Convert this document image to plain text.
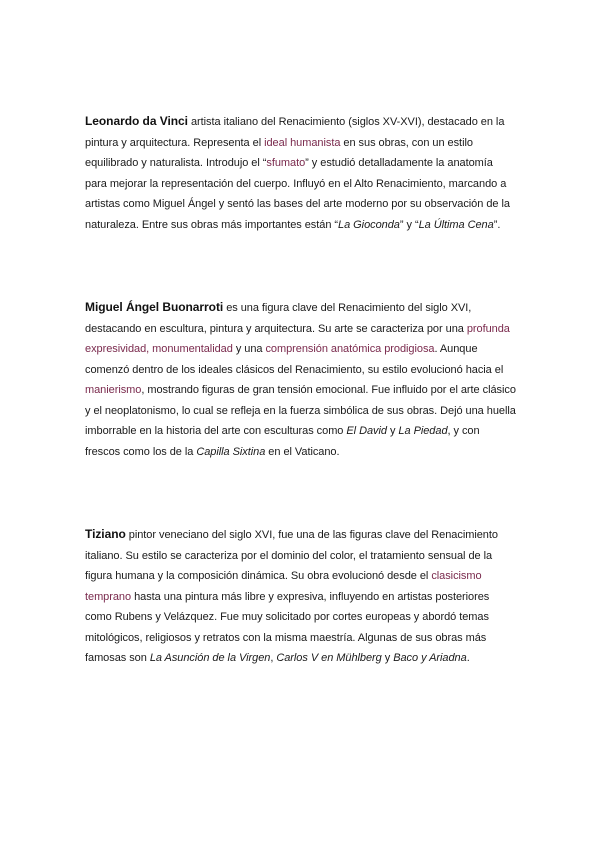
Leonardo da Vinci artista italiano del Renacimiento (siglos XV-XVI), destacado en la pintura y arquitectura. Representa el ideal humanista en sus obras, con un estilo equilibrado y naturalista. Introdujo el “sfumato” y estudió detalladamente la anatomía para mejorar la representación del cuerpo. Influyó en el Alto Renacimiento, marcando a artistas como Miguel Ángel y sentó las bases del arte moderno por su observación de la naturaleza. Entre sus obras más importantes están “La Gioconda” y “La Última Cena”.

Miguel Ángel Buonarroti es una figura clave del Renacimiento del siglo XVI, destacando en escultura, pintura y arquitectura. Su arte se caracteriza por una profunda expresividad, monumentalidad y una comprensión anatómica prodigiosa. Aunque comenzó dentro de los ideales clásicos del Renacimiento, su estilo evolucionó hacia el manierismo, mostrando figuras de gran tensión emocional. Fue influido por el arte clásico y el neoplatonismo, lo cual se refleja en la fuerza simbólica de sus obras. Dejó una huella imborrable en la historia del arte con esculturas como El David y La Piedad, y con frescos como los de la Capilla Sixtina en el Vaticano.

Tiziano pintor veneciano del siglo XVI, fue una de las figuras clave del Renacimiento italiano. Su estilo se caracteriza por el dominio del color, el tratamiento sensual de la figura humana y la composición dinámica. Su obra evolucionó desde el clasicismo temprano hasta una pintura más libre y expresiva, influyendo en artistas posteriores como Rubens y Velázquez. Fue muy solicitado por cortes europeas y abordó temas mitológicos, religiosos y retratos con la misma maestría. Algunas de sus obras más famosas son La Asunción de la Virgen, Carlos V en Mühlberg y Baco y Ariadna.
